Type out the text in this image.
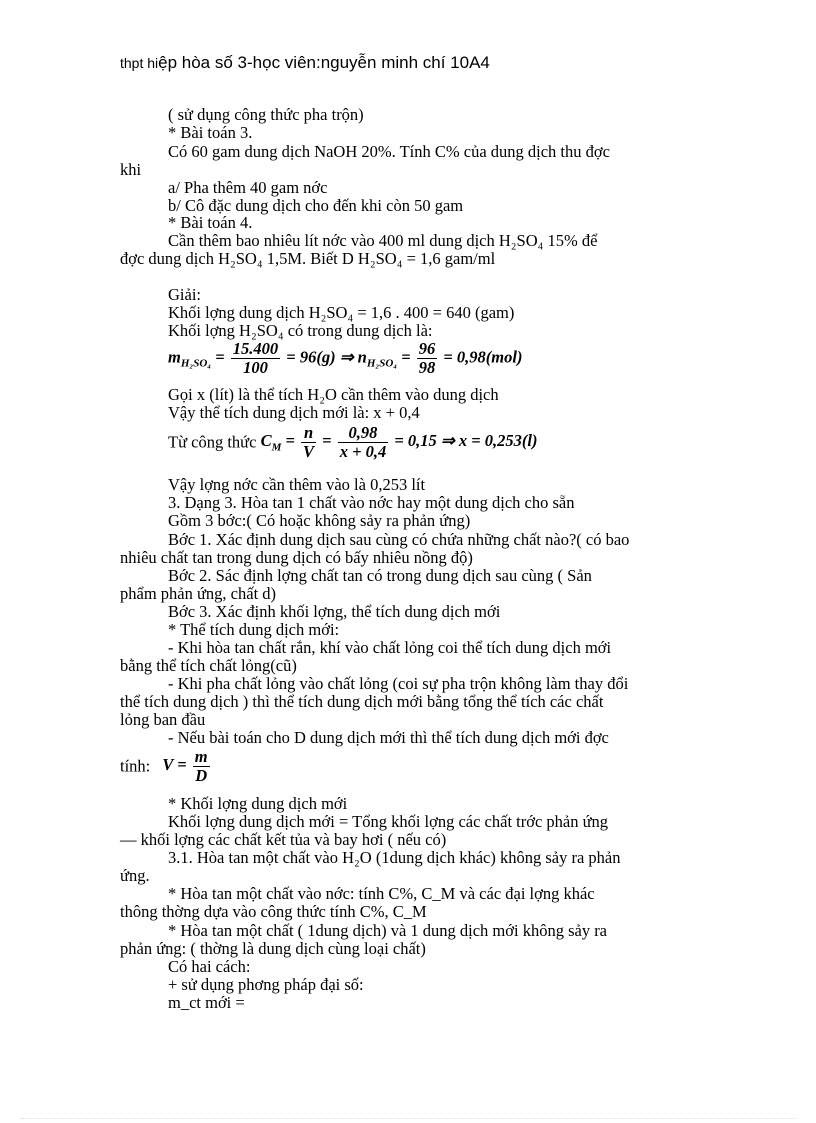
thpt hiệp hòa số 3-học viên:nguyễn minh chí 10A4
( sử dụng công thức pha trộn)
* Bài toán 3.
Có 60 gam dung dịch NaOH 20%. Tính C% của dung dịch thu đợc
khi
a/ Pha thêm 40 gam nớc
b/ Cô đặc dung dịch cho đến khi còn 50 gam
* Bài toán 4.
Cần thêm bao nhiêu lít nớc vào 400 ml dung dịch H₂SO₄ 15% để
đợc dung dịch H₂SO₄ 1,5M. Biết D H₂SO₄ = 1,6 gam/ml
Giải:
Khối lợng dung dịch H₂SO₄ = 1,6 . 400 = 640 (gam)
Khối lợng H₂SO₄ có trong dung dịch là:
$m_{H_2SO_4} = \frac{15.400}{100} = 96(g)$ ⇒ $n_{H_2SO_4} = \frac{96}{98} = 0,98(mol)$
Gọi x (lít) là thể tích H₂O cần thêm vào dung dịch
Vậy thể tích dung dịch mới là: x + 0,4
Từ công thức $C_M = \frac{n}{V} = \frac{0,98}{x + 0,4} = 0,15$ ⇒ x = 0,253(l)
Vậy lợng nớc cần thêm vào là 0,253 lít
3. Dạng 3. Hòa tan 1 chất vào nớc hay một dung dịch cho sẵn
Gồm 3 bớc:( Có hoặc không sảy ra phản ứng)
Bớc 1. Xác định dung dịch sau cùng có chứa những chất nào?( có bao
nhiêu chất tan trong dung dịch có bấy nhiêu nồng độ)
Bớc 2. Sác định lợng chất tan có trong dung dịch sau cùng ( Sản
phẩm phản ứng, chất d)
Bớc 3. Xác định khối lợng, thể tích dung dịch mới
* Thể tích dung dịch mới:
- Khi hòa tan chất rắn, khí vào chất lỏng coi thể tích dung dịch mới
bằng thể tích chất lỏng(cũ)
- Khi pha chất lỏng vào chất lỏng (coi sự pha trộn không làm thay đổi
thể tích dung dịch ) thì thể tích dung dịch mới bằng tổng thể tích các chất
lỏng ban đầu
- Nếu bài toán cho D dung dịch mới thì thể tích dung dịch mới đợc
tính: $V = \frac{m}{D}$
* Khối lợng dung dịch mới
Khối lợng dung dịch mới = Tổng khối lợng các chất trớc phản ứng
— khối lợng các chất kết tủa và bay hơi ( nếu có)
3.1. Hòa tan một chất vào H₂O (1dung dịch khác) không sảy ra phản
ứng.
* Hòa tan một chất vào nớc: tính C%, C_M và các đại lợng khác
thông thờng dựa vào công thức tính C%, C_M
* Hòa tan một chất ( 1dung dịch) và 1 dung dịch mới không sảy ra
phản ứng: ( thờng là dung dịch cùng loại chất)
Có hai cách:
+ sử dụng phơng pháp đại số:
m_ct mới =
